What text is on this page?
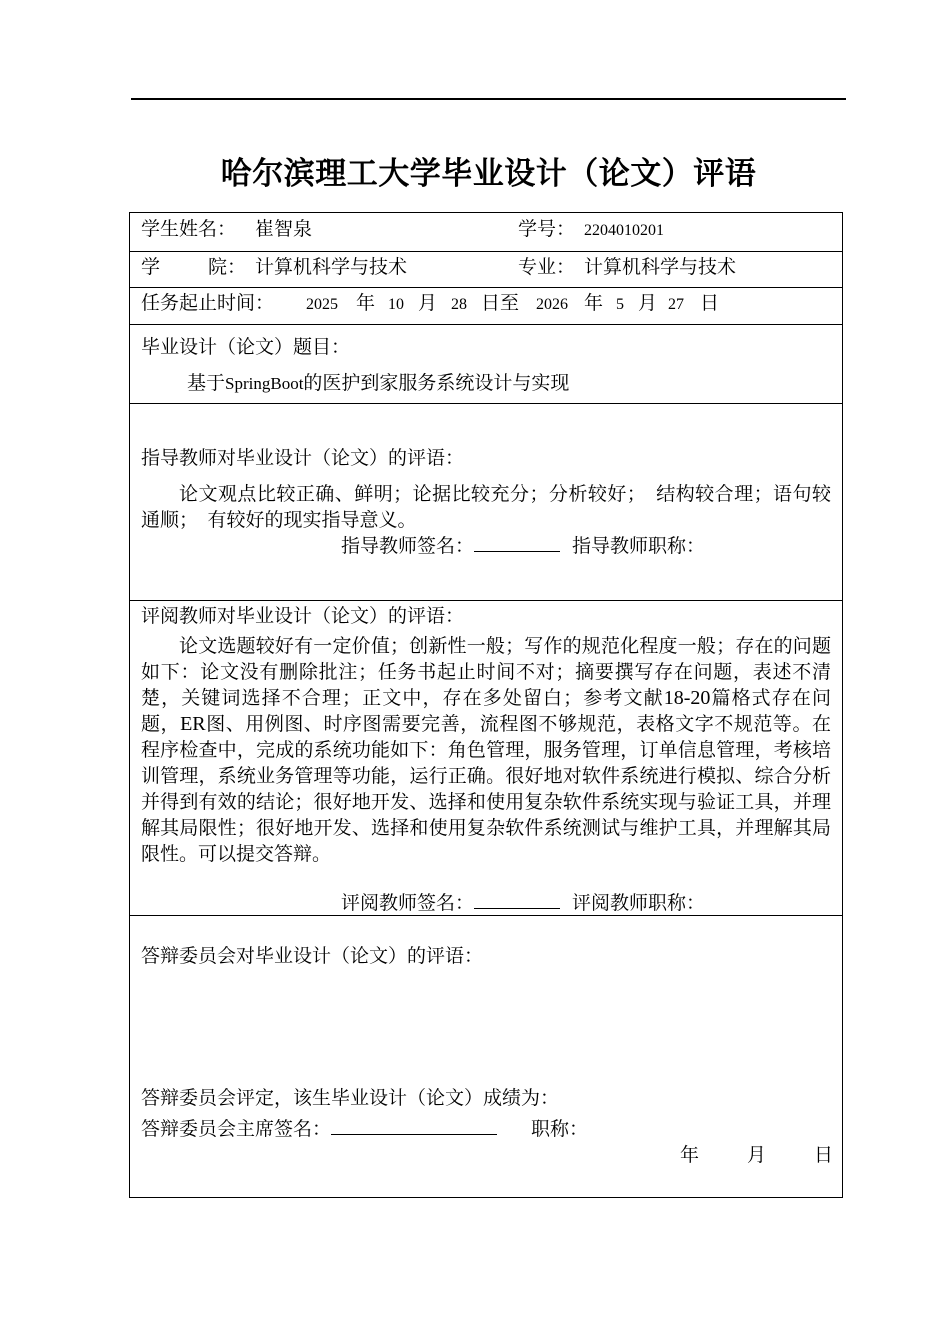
哈尔滨理工大学毕业设计（论文）评语
学生姓名： 崔智泉	学号： 2204010201
学	院： 计算机科学与技术	专业： 计算机科学与技术
任务起止时间： 2025 年 10 月 28 日至 2026 年 5 月 27 日
毕业设计（论文）题目：
基于SpringBoot的医护到家服务系统设计与实现
指导教师对毕业设计（论文）的评语：
论文观点比较正确、鲜明；论据比较充分；分析较好；　结构较合理；语句较通顺；　有较好的现实指导意义。
指导教师签名：	指导教师职称：
评阅教师对毕业设计（论文）的评语：
论文选题较好有一定价值；创新性一般；写作的规范化程度一般；存在的问题如下：论文没有删除批注；任务书起止时间不对；摘要撰写存在问题，表述不清楚，关键词选择不合理；正文中，存在多处留白；参考文献18-20篇格式存在问题，ER图、用例图、时序图需要完善，流程图不够规范，表格文字不规范等。在程序检查中，完成的系统功能如下：角色管理，服务管理，订单信息管理，考核培训管理，系统业务管理等功能，运行正确。很好地对软件系统进行模拟、综合分析并得到有效的结论；很好地开发、选择和使用复杂软件系统实现与验证工具，并理解其局限性；很好地开发、选择和使用复杂软件系统测试与维护工具，并理解其局限性。可以提交答辩。
评阅教师签名：	评阅教师职称：
答辩委员会对毕业设计（论文）的评语：
答辩委员会评定，该生毕业设计（论文）成绩为：
答辩委员会主席签名：	职称：
年	月	日
